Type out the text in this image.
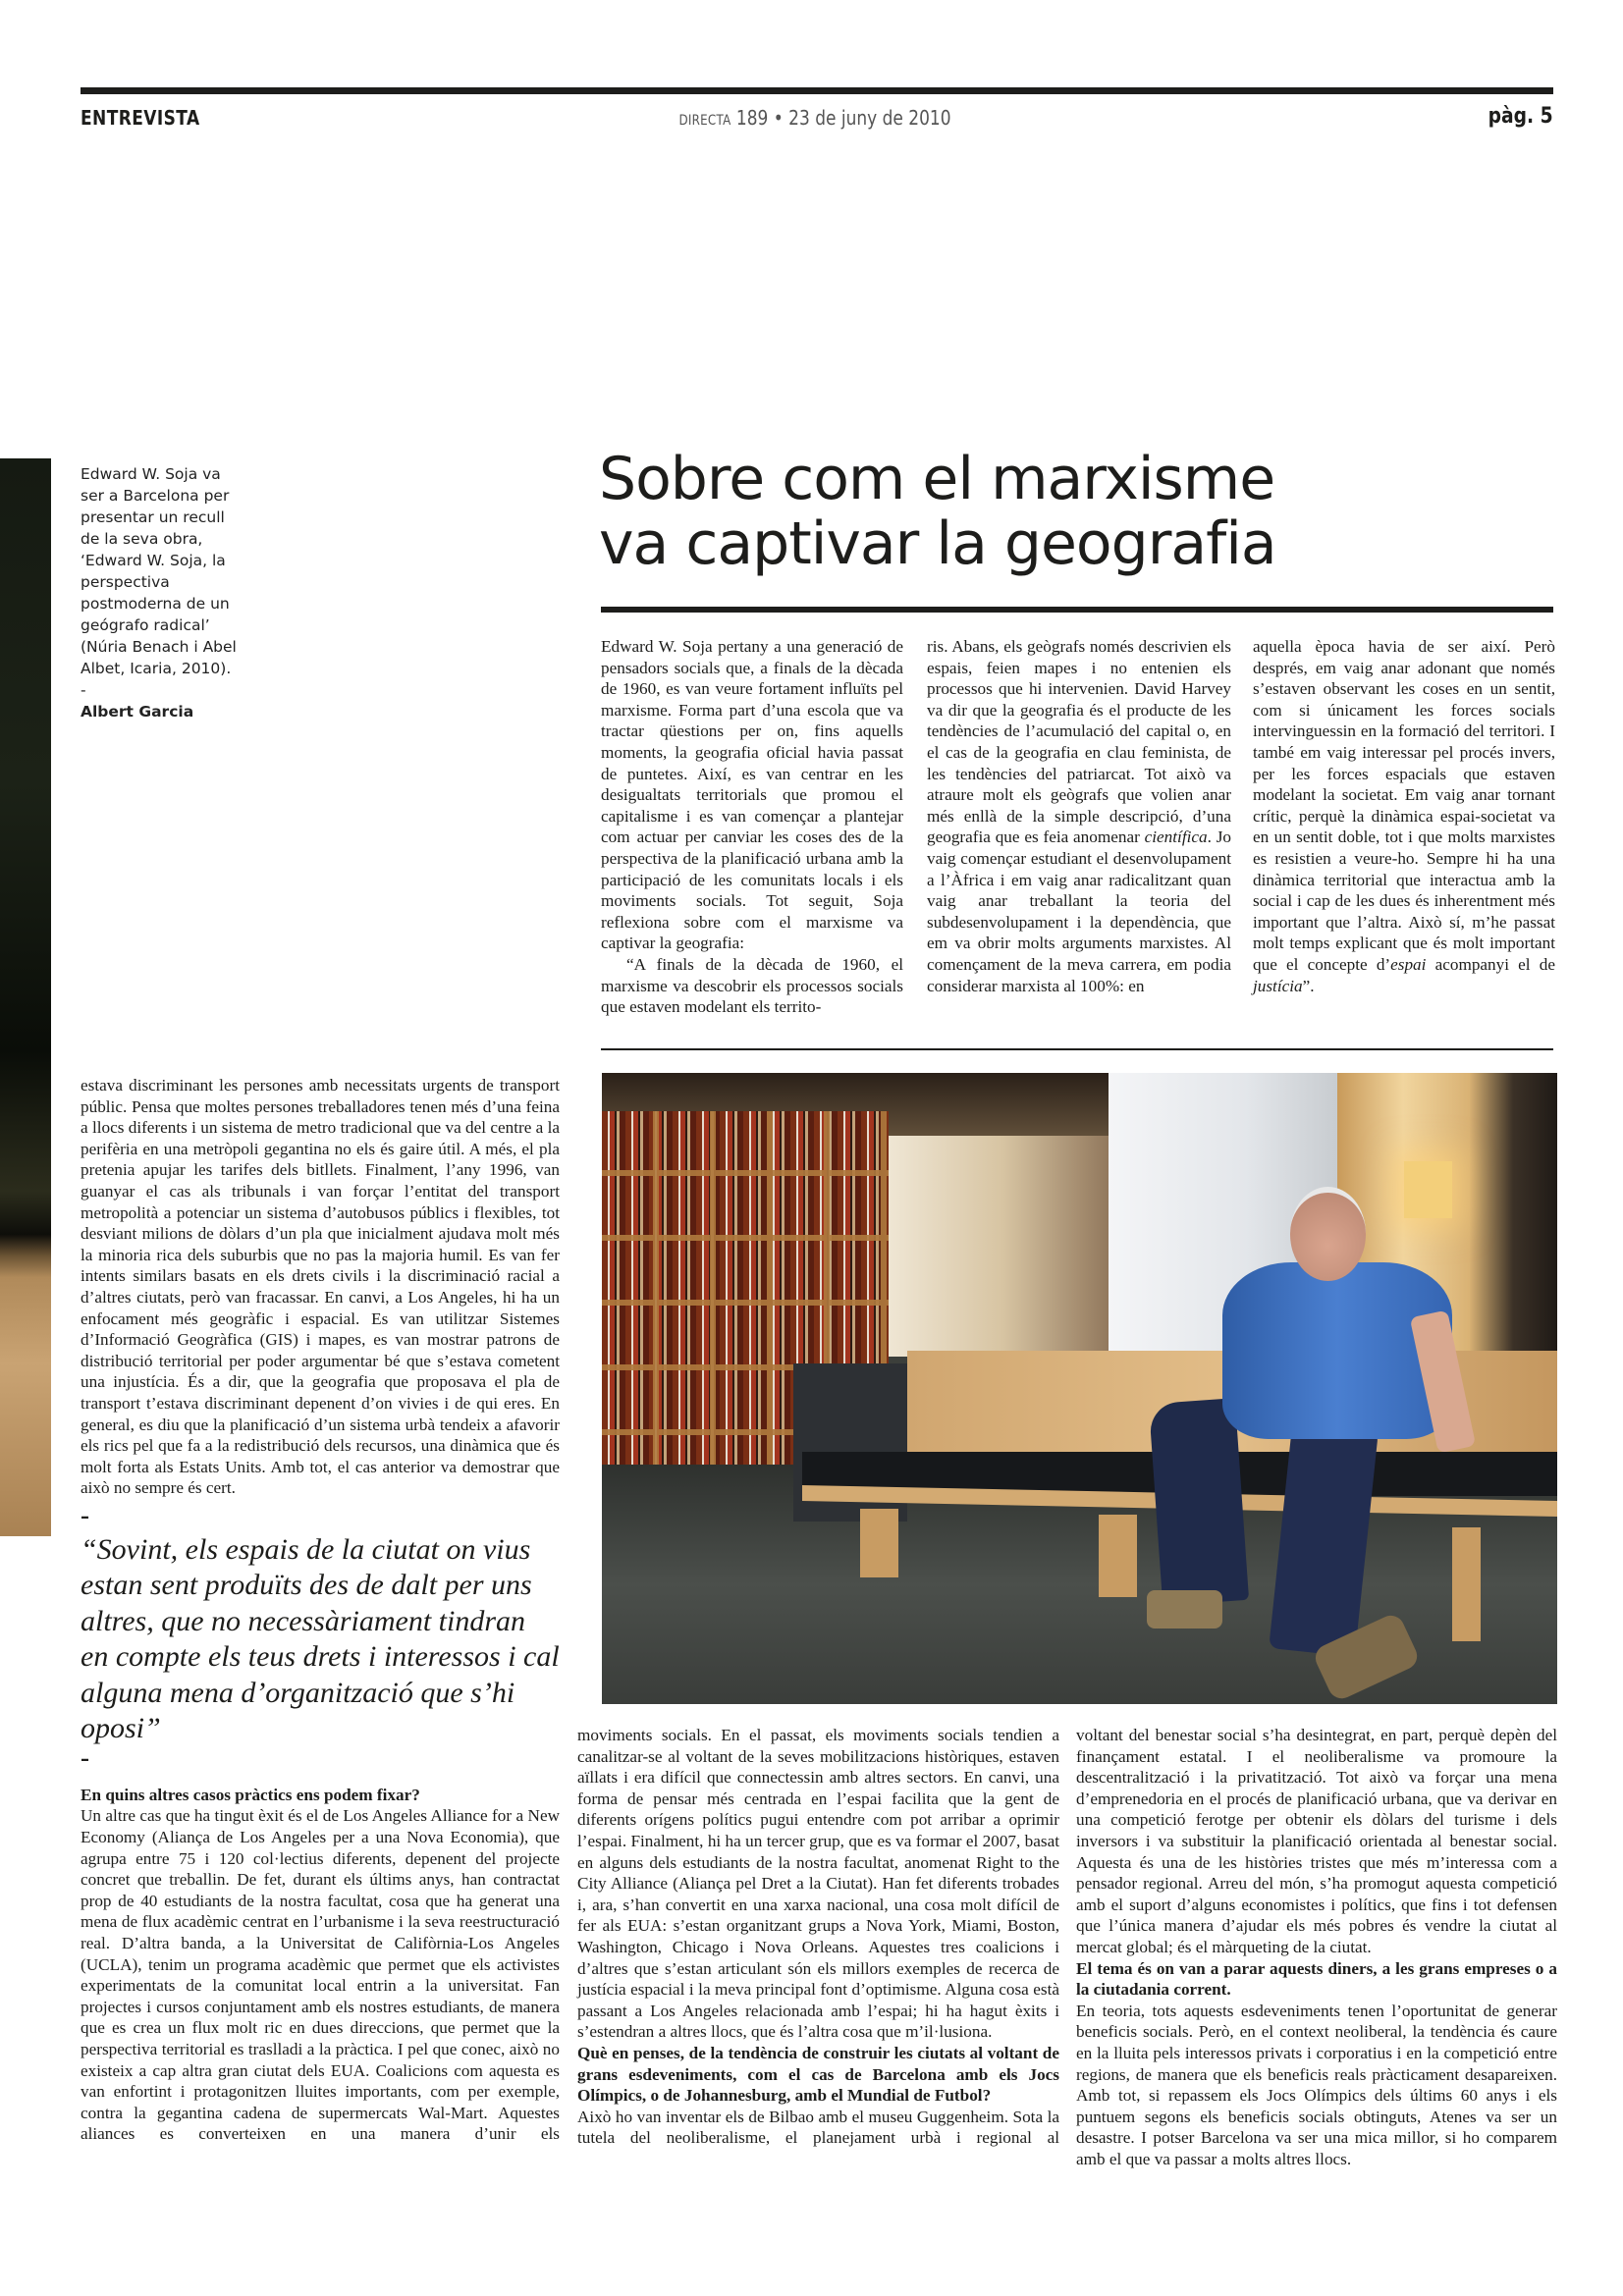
ENTREVISTA	DIRECTA 189 • 23 de juny de 2010	pàg. 5
Edward W. Soja va ser a Barcelona per presentar un recull de la seva obra, ‘Edward W. Soja, la perspectiva postmoderna de un geógrafo radical’ (Núria Benach i Abel Albet, Icaria, 2010).
-
Albert Garcia
Sobre com el marxisme
va captivar la geografia

Edward W. Soja pertany a una generació de pensadors socials que, a finals de la dècada de 1960, es van veure fortament influïts pel marxisme. Forma part d’una escola que va tractar qüestions per on, fins aquells moments, la geografia oficial havia passat de puntetes. Així, es van centrar en les desigualtats territorials que promou el capitalisme i es van començar a plantejar com actuar per canviar les coses des de la perspectiva de la planificació urbana amb la participació de les comunitats locals i els moviments socials. Tot seguit, Soja reflexiona sobre com el marxisme va captivar la geografia:

“A finals de la dècada de 1960, el marxisme va descobrir els processos socials que estaven modelant els territo-

ris. Abans, els geògrafs només descrivien els espais, feien mapes i no entenien els processos que hi intervenien. David Harvey va dir que la geografia és el producte de les tendències de l’acumulació del capital o, en el cas de la geografia en clau feminista, de les tendències del patriarcat. Tot això va atraure molt els geògrafs que volien anar més enllà de la simple descripció, d’una geografia que es feia anomenar científica. Jo vaig començar estudiant el desenvolupament a l’Àfrica i em vaig anar radicalitzant quan vaig anar treballant la teoria del subdesenvolupament i la dependència, que em va obrir molts arguments marxistes. Al començament de la meva carrera, em podia considerar marxista al 100%: en

aquella època havia de ser així. Però després, em vaig anar adonant que només s’estaven observant les coses en un sentit, com si únicament les forces socials intervinguessin en la formació del territori. I també em vaig interessar pel procés invers, per les forces espacials que estaven modelant la societat. Em vaig anar tornant crític, perquè la dinàmica espai-societat va en un sentit doble, tot i que molts marxistes es resistien a veure-ho. Sempre hi ha una dinàmica territorial que interactua amb la social i cap de les dues és inherentment més important que l’altra. Això sí, m’he passat molt temps explicant que és molt important que el concepte d’espai acompanyi el de justícia”.

estava discriminant les persones amb necessitats urgents de transport públic. Pensa que moltes persones treballadores tenen més d’una feina a llocs diferents i un sistema de metro tradicional que va del centre a la perifèria en una metròpoli gegantina no els és gaire útil. A més, el pla pretenia apujar les tarifes dels bitllets. Finalment, l’any 1996, van guanyar el cas als tribunals i van forçar l’entitat del transport metropolità a potenciar un sistema d’autobusos públics i flexibles, tot desviant milions de dòlars d’un pla que inicialment ajudava molt més la minoria rica dels suburbis que no pas la majoria humil. Es van fer intents similars basats en els drets civils i la discriminació racial a d’altres ciutats, però van fracassar. En canvi, a Los Angeles, hi ha un enfocament més geogràfic i espacial. Es van utilitzar Sistemes d’Informació Geogràfica (GIS) i mapes, es van mostrar patrons de distribució territorial per poder argumentar bé que s’estava cometent una injustícia. És a dir, que la geografia que proposava el pla de transport t’estava discriminant depenent d’on vivies i de qui eres. En general, es diu que la planificació d’un sistema urbà tendeix a afavorir els rics pel que fa a la redistribució dels recursos, una dinàmica que és molt forta als Estats Units. Amb tot, el cas anterior va demostrar que això no sempre és cert.

–

“Sovint, els espais de la ciutat on vius estan sent produïts des de dalt per uns altres, que no necessàriament tindran en compte els teus drets i interessos i cal alguna mena d’organització que s’hi oposi”

–

En quins altres casos pràctics ens podem fixar?

Un altre cas que ha tingut èxit és el de Los Angeles Alliance for a New Economy (Aliança de Los Angeles per a una Nova Economia), que agrupa entre 75 i 120 col·lectius diferents, depenent del projecte concret que treballin. De fet, durant els últims anys, han contractat prop de 40 estudiants de la nostra facultat, cosa que ha generat una mena de flux acadèmic centrat en l’urbanisme i la seva reestructuració real. D’altra banda, a la Universitat de Califòrnia-Los Angeles (UCLA), tenim un programa acadèmic que permet que els activistes experimentats de la comunitat local entrin a la universitat. Fan projectes i cursos conjuntament amb els nostres estudiants, de manera que es crea un flux molt ric en dues direccions, que permet que la perspectiva territorial es traslladi a la pràctica. I pel que conec, això no existeix a cap altra gran ciutat dels EUA. Coalicions com aquesta es van enfortint i protagonitzen lluites importants, com per exemple, contra la gegantina cadena de supermercats Wal-Mart. Aquestes aliances es converteixen en una manera d’unir els

moviments socials. En el passat, els moviments socials tendien a canalitzar-se al voltant de la seves mobilitzacions històriques, estaven aïllats i era difícil que connectessin amb altres sectors. En canvi, una forma de pensar més centrada en l’espai facilita que la gent de diferents orígens polítics pugui entendre com pot arribar a oprimir l’espai. Finalment, hi ha un tercer grup, que es va formar el 2007, basat en alguns dels estudiants de la nostra facultat, anomenat Right to the City Alliance (Aliança pel Dret a la Ciutat). Han fet diferents trobades i, ara, s’han convertit en una xarxa nacional, una cosa molt difícil de fer als EUA: s’estan organitzant grups a Nova York, Miami, Boston, Washington, Chicago i Nova Orleans. Aquestes tres coalicions i d’altres que s’estan articulant són els millors exemples de recerca de justícia espacial i la meva principal font d’optimisme. Alguna cosa està passant a Los Angeles relacionada amb l’espai; hi ha hagut èxits i s’estendran a altres llocs, que és l’altra cosa que m’il·lusiona.

Què en penses, de la tendència de construir les ciutats al voltant de grans esdeveniments, com el cas de Barcelona amb els Jocs Olímpics, o de Johannesburg, amb el Mundial de Futbol?

Això ho van inventar els de Bilbao amb el museu Guggenheim. Sota la tutela del neoliberalisme, el planejament urbà i regional al

voltant del benestar social s’ha desintegrat, en part, perquè depèn del finançament estatal. I el neoliberalisme va promoure la descentralització i la privatització. Tot això va forçar una mena d’emprenedoria en el procés de planificació urbana, que va derivar en una competició ferotge per obtenir els dòlars del turisme i dels inversors i va substituir la planificació orientada al benestar social. Aquesta és una de les històries tristes que més m’interessa com a pensador regional. Arreu del món, s’ha promogut aquesta competició amb el suport d’alguns economistes i polítics, que fins i tot defensen que l’única manera d’ajudar els més pobres és vendre la ciutat al mercat global; és el màrqueting de la ciutat.

El tema és on van a parar aquests diners, a les grans empreses o a la ciutadania corrent.

En teoria, tots aquests esdeveniments tenen l’oportunitat de generar beneficis socials. Però, en el context neoliberal, la tendència és caure en la lluita pels interessos privats i corporatius i en la competició entre regions, de manera que els beneficis reals pràcticament desapareixen. Amb tot, si repassem els Jocs Olímpics dels últims 60 anys i els puntuem segons els beneficis socials obtinguts, Atenes va ser un desastre. I potser Barcelona va ser una mica millor, si ho comparem amb el que va passar a molts altres llocs.
